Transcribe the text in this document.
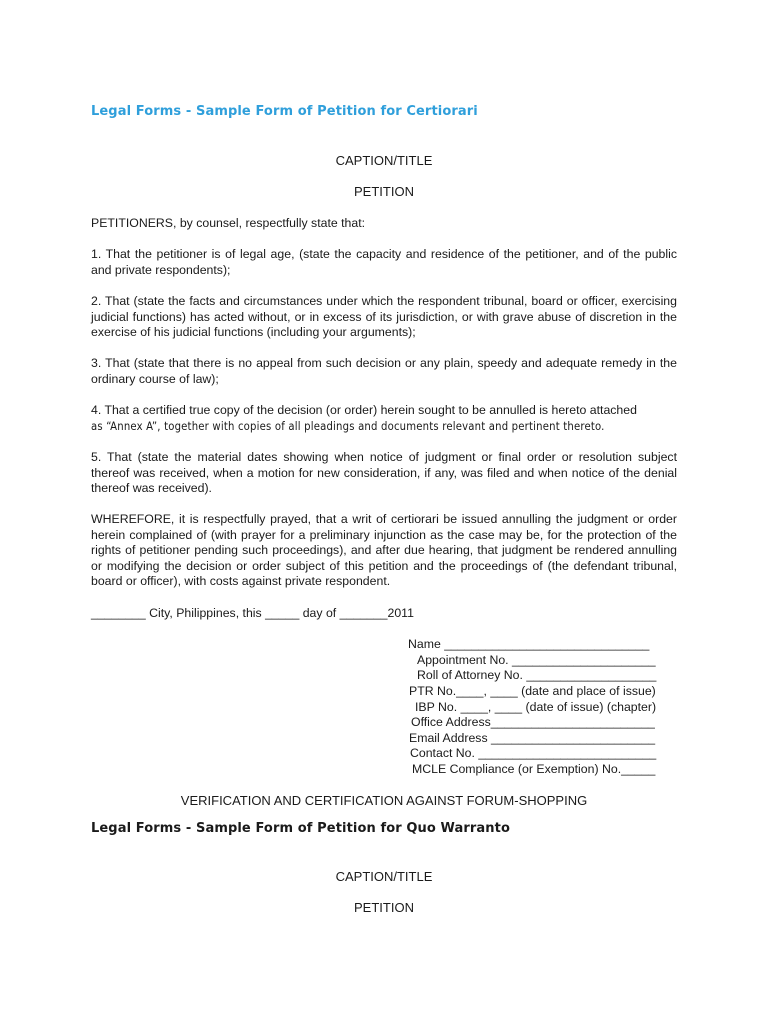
Legal Forms - Sample Form of Petition for Certiorari
CAPTION/TITLE
PETITION

PETITIONERS, by counsel, respectfully state that:

1. That the petitioner is of legal age, (state the capacity and residence of the petitioner, and of the public and private respondents);

2. That (state the facts and circumstances under which the respondent tribunal, board or officer, exercising judicial functions) has acted without, or in excess of its jurisdiction, or with grave abuse of discretion in the exercise of his judicial functions (including your arguments);

3. That (state that there is no appeal from such decision or any plain, speedy and adequate remedy in the ordinary course of law);

4. That a certified true copy of the decision (or order) herein sought to be annulled is hereto attached
as “Annex A”, together with copies of all pleadings and documents relevant and pertinent thereto.

5. That (state the material dates showing when notice of judgment or final order or resolution subject thereof was received, when a motion for new consideration, if any, was filed and when notice of the denial thereof was received).

WHEREFORE, it is respectfully prayed, that a writ of certiorari be issued annulling the judgment or order herein complained of (with prayer for a preliminary injunction as the case may be, for the protection of the rights of petitioner pending such proceedings), and after due hearing, that judgment be rendered annulling or modifying the decision or order subject of this petition and the proceedings of (the defendant tribunal, board or officer), with costs against private respondent.

________ City, Philippines, this _____ day of _______2011
Name ______________________________
Appointment No. _____________________
Roll of Attorney No. ___________________
PTR No.____, ____ (date and place of issue)
IBP No. ____, ____ (date of issue) (chapter)
Office Address________________________
Email Address ________________________
Contact No. __________________________
MCLE Compliance (or Exemption) No._____
VERIFICATION AND CERTIFICATION AGAINST FORUM-SHOPPING
Legal Forms - Sample Form of Petition for Quo Warranto
CAPTION/TITLE
PETITION
